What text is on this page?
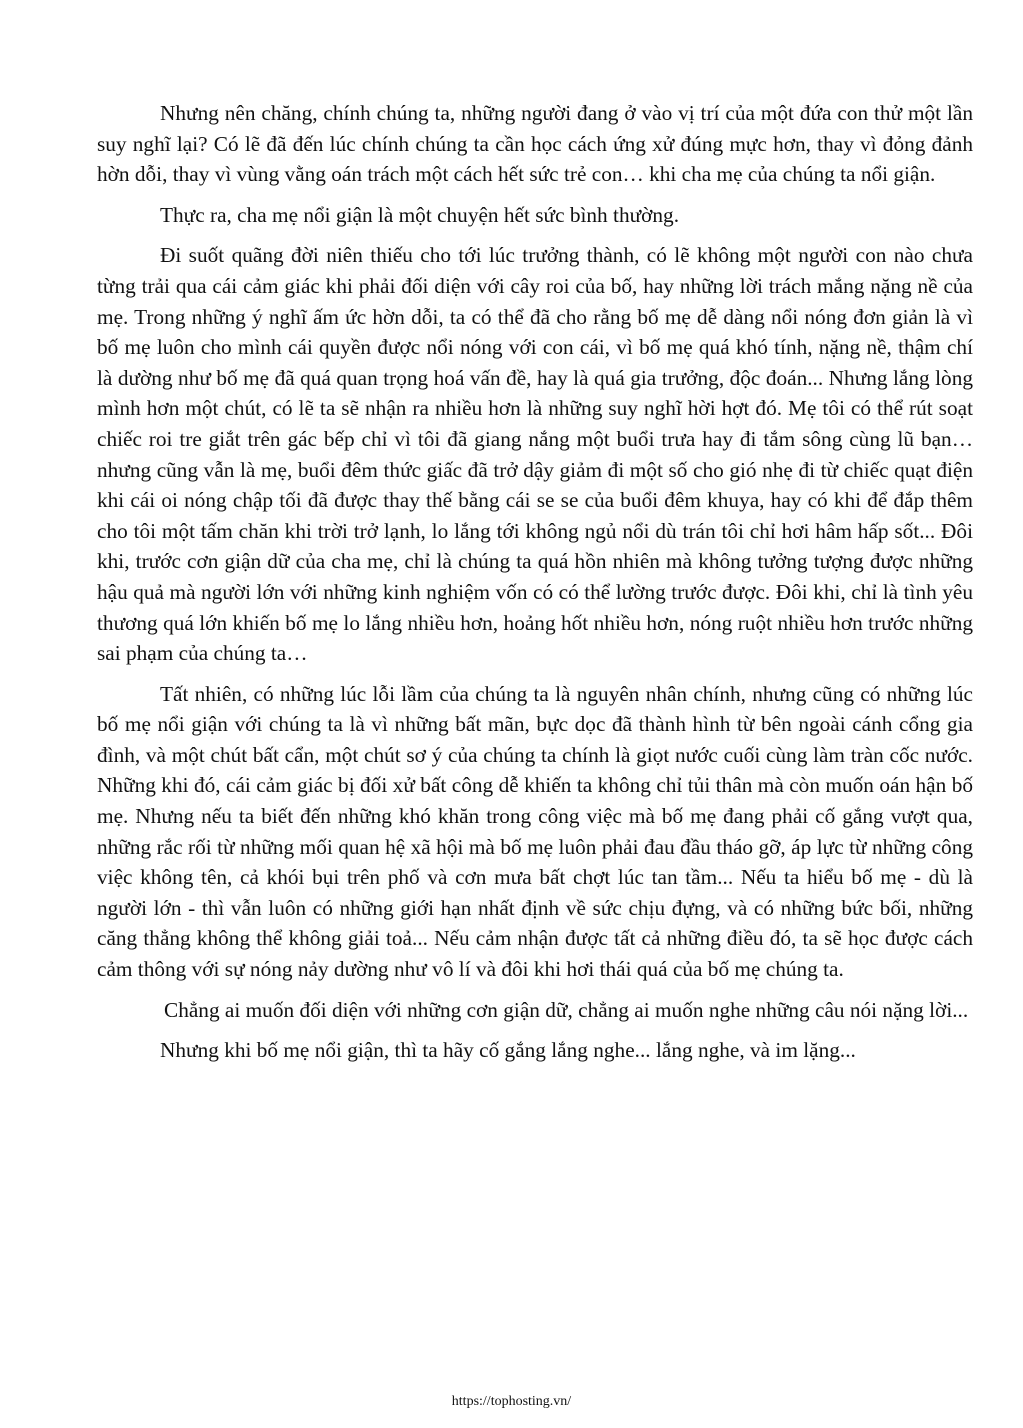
Nhưng nên chăng, chính chúng ta, những người đang ở vào vị trí của một đứa con thử một lần suy nghĩ lại? Có lẽ đã đến lúc chính chúng ta cần học cách ứng xử đúng mực hơn, thay vì đỏng đảnh hờn dỗi, thay vì vùng vằng oán trách một cách hết sức trẻ con… khi cha mẹ của chúng ta nổi giận.

Thực ra, cha mẹ nổi giận là một chuyện hết sức bình thường.

Đi suốt quãng đời niên thiếu cho tới lúc trưởng thành, có lẽ không một người con nào chưa từng trải qua cái cảm giác khi phải đối diện với cây roi của bố, hay những lời trách mắng nặng nề của mẹ. Trong những ý nghĩ ấm ức hờn dỗi, ta có thể đã cho rằng bố mẹ dễ dàng nổi nóng đơn giản là vì bố mẹ luôn cho mình cái quyền được nổi nóng với con cái, vì bố mẹ quá khó tính, nặng nề, thậm chí là dường như bố mẹ đã quá quan trọng hoá vấn đề, hay là quá gia trưởng, độc đoán... Nhưng lắng lòng mình hơn một chút, có lẽ ta sẽ nhận ra nhiều hơn là những suy nghĩ hời hợt đó. Mẹ tôi có thể rút soạt chiếc roi tre giắt trên gác bếp chỉ vì tôi đã giang nắng một buổi trưa hay đi tắm sông cùng lũ bạn… nhưng cũng vẫn là mẹ, buổi đêm thức giấc đã trở dậy giảm đi một số cho gió nhẹ đi từ chiếc quạt điện khi cái oi nóng chập tối đã được thay thế bằng cái se se của buổi đêm khuya, hay có khi để đắp thêm cho tôi một tấm chăn khi trời trở lạnh, lo lắng tới không ngủ nổi dù trán tôi chỉ hơi hâm hấp sốt... Đôi khi, trước cơn giận dữ của cha mẹ, chỉ là chúng ta quá hồn nhiên mà không tưởng tượng được những hậu quả mà người lớn với những kinh nghiệm vốn có có thể lường trước được. Đôi khi, chỉ là tình yêu thương quá lớn khiến bố mẹ lo lắng nhiều hơn, hoảng hốt nhiều hơn, nóng ruột nhiều hơn trước những sai phạm của chúng ta…

Tất nhiên, có những lúc lỗi lầm của chúng ta là nguyên nhân chính, nhưng cũng có những lúc bố mẹ nổi giận với chúng ta là vì những bất mãn, bực dọc đã thành hình từ bên ngoài cánh cổng gia đình, và một chút bất cẩn, một chút sơ ý của chúng ta chính là giọt nước cuối cùng làm tràn cốc nước. Những khi đó, cái cảm giác bị đối xử bất công dễ khiến ta không chỉ tủi thân mà còn muốn oán hận bố mẹ. Nhưng nếu ta biết đến những khó khăn trong công việc mà bố mẹ đang phải cố gắng vượt qua, những rắc rối từ những mối quan hệ xã hội mà bố mẹ luôn phải đau đầu tháo gỡ, áp lực từ những công việc không tên, cả khói bụi trên phố và cơn mưa bất chợt lúc tan tầm... Nếu ta hiểu bố mẹ - dù là người lớn - thì vẫn luôn có những giới hạn nhất định về sức chịu đựng, và có những bức bối, những căng thẳng không thể không giải toả... Nếu cảm nhận được tất cả những điều đó, ta sẽ học được cách cảm thông với sự nóng nảy dường như vô lí và đôi khi hơi thái quá của bố mẹ chúng ta.

Chẳng ai muốn đối diện với những cơn giận dữ, chẳng ai muốn nghe những câu nói nặng lời...

Nhưng khi bố mẹ nổi giận, thì ta hãy cố gắng lắng nghe... lắng nghe, và im lặng...

https://tophosting.vn/
